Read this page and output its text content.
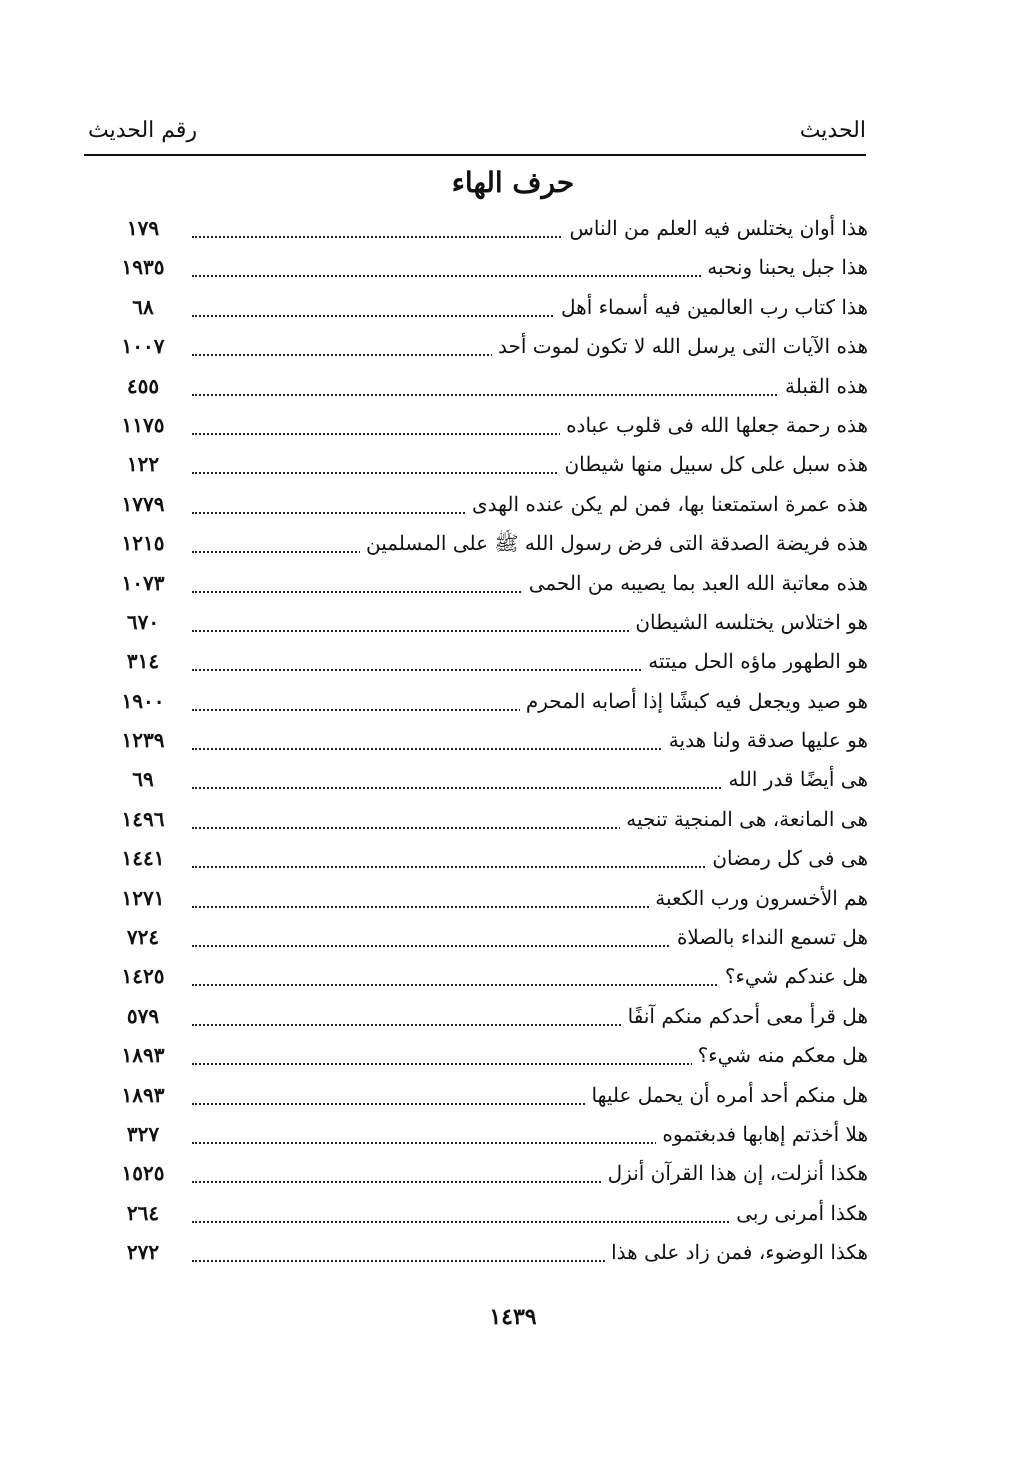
الحديث
رقم الحديث
حرف الهاء
هذا أوان يختلس فيه العلم من الناس
١٧٩
هذا جبل يحبنا ونحبه
١٩٣٥
هذا كتاب رب العالمين فيه أسماء أهل
٦٨
هذه الآيات التى يرسل الله لا تكون لموت أحد
١٠٠٧
هذه القبلة
٤٥٥
هذه رحمة جعلها الله فى قلوب عباده
١١٧٥
هذه سبل على كل سبيل منها شيطان
١٢٢
هذه عمرة استمتعنا بها، فمن لم يكن عنده الهدى
١٧٧٩
هذه فريضة الصدقة التى فرض رسول الله ﷺ على المسلمين
١٢١٥
هذه معاتبة الله العبد بما يصيبه من الحمى
١٠٧٣
هو اختلاس يختلسه الشيطان
٦٧٠
هو الطهور ماؤه الحل ميتته
٣١٤
هو صيد ويجعل فيه كبشًا إذا أصابه المحرم
١٩٠٠
هو عليها صدقة ولنا هدية
١٢٣٩
هى أيضًا قدر الله
٦٩
هى المانعة، هى المنجية تنجيه
١٤٩٦
هى فى كل رمضان
١٤٤١
هم الأخسرون ورب الكعبة
١٢٧١
هل تسمع النداء بالصلاة
٧٢٤
هل عندكم شيء؟
١٤٢٥
هل قرأ معى أحدكم منكم آنفًا
٥٧٩
هل معكم منه شيء؟
١٨٩٣
هل منكم أحد أمره أن يحمل عليها
١٨٩٣
هلا أخذتم إهابها فدبغتموه
٣٢٧
هكذا أنزلت، إن هذا القرآن أنزل
١٥٢٥
هكذا أمرنى ربى
٢٦٤
هكذا الوضوء، فمن زاد على هذا
٢٧٢
١٤٣٩
